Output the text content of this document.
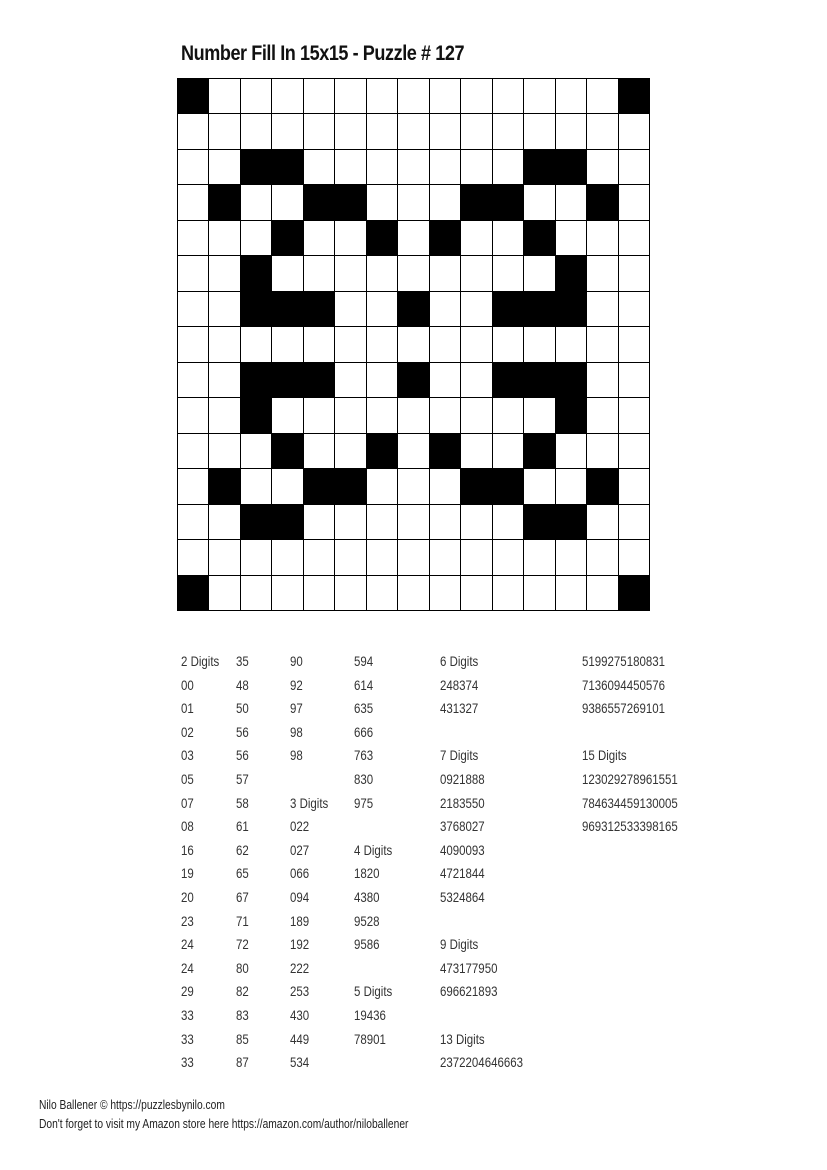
Number Fill In 15x15 - Puzzle # 127
2 Digits
00
01
02
03
05
07
08
16
19
20
23
24
24
29
33
33
33
35
48
50
56
56
57
58
61
62
65
67
71
72
80
82
83
85
87
90
92
97
98
98
3 Digits
022
027
066
094
189
192
222
253
430
449
534
594
614
635
666
763
830
975
4 Digits
1820
4380
9528
9586
5 Digits
19436
78901
6 Digits
248374
431327
7 Digits
0921888
2183550
3768027
4090093
4721844
5324864
9 Digits
473177950
696621893
13 Digits
2372204646663
5199275180831
7136094450576
9386557269101
15 Digits
123029278961551
784634459130005
969312533398165
Nilo Ballener © https://puzzlesbynilo.com
Don't forget to visit my Amazon store here https://amazon.com/author/niloballener
